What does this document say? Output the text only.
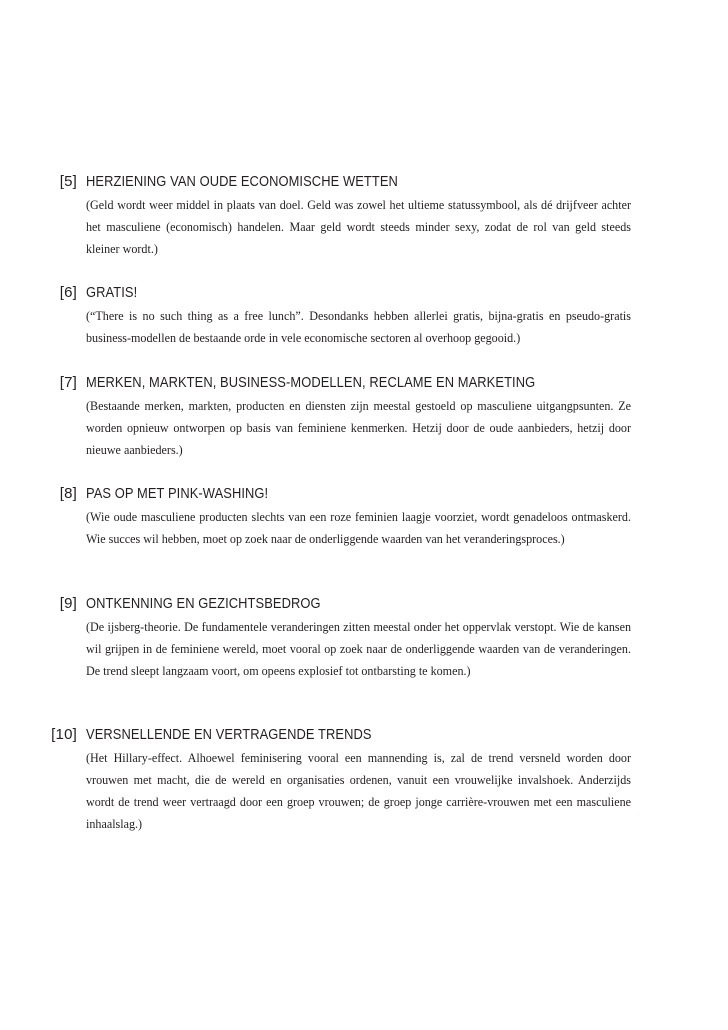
[5] HERZIENING VAN OUDE ECONOMISCHE WETTEN

(Geld wordt weer middel in plaats van doel. Geld was zowel het ultieme statussymbool, als dé drijfveer achter het masculiene (economisch) handelen. Maar geld wordt steeds minder sexy, zodat de rol van geld steeds kleiner wordt.)

[6] GRATIS!

(“There is no such thing as a free lunch”. Desondanks hebben allerlei gratis, bijna-gratis en pseudo-gratis business-modellen de bestaande orde in vele economische sectoren al overhoop gegooid.)

[7] MERKEN, MARKTEN, BUSINESS-MODELLEN, RECLAME EN MARKETING

(Bestaande merken, markten, producten en diensten zijn meestal gestoeld op masculiene uitgangpsunten. Ze worden opnieuw ontworpen op basis van feminiene kenmerken. Hetzij door de oude aanbieders, hetzij door nieuwe aanbieders.)

[8] PAS OP MET PINK-WASHING!

(Wie oude masculiene producten slechts van een roze feminien laagje voorziet, wordt genadeloos ontmaskerd. Wie succes wil hebben, moet op zoek naar de onderliggende waarden van het veranderingsproces.)

[9] ONTKENNING EN GEZICHTSBEDROG

(De ijsberg-theorie. De fundamentele veranderingen zitten meestal onder het oppervlak verstopt. Wie de kansen wil grijpen in de feminiene wereld, moet vooral op zoek naar de onderliggende waarden van de veranderingen. De trend sleept langzaam voort, om opeens explosief tot ontbarsting te komen.)

[10] VERSNELLENDE EN VERTRAGENDE TRENDS

(Het Hillary-effect. Alhoewel feminisering vooral een mannending is, zal de trend versneld worden door vrouwen met macht, die de wereld en organisaties ordenen, vanuit een vrouwelijke invalshoek. Anderzijds wordt de trend weer vertraagd door een groep vrouwen; de groep jonge carrière-vrouwen met een masculiene inhaalslag.)
